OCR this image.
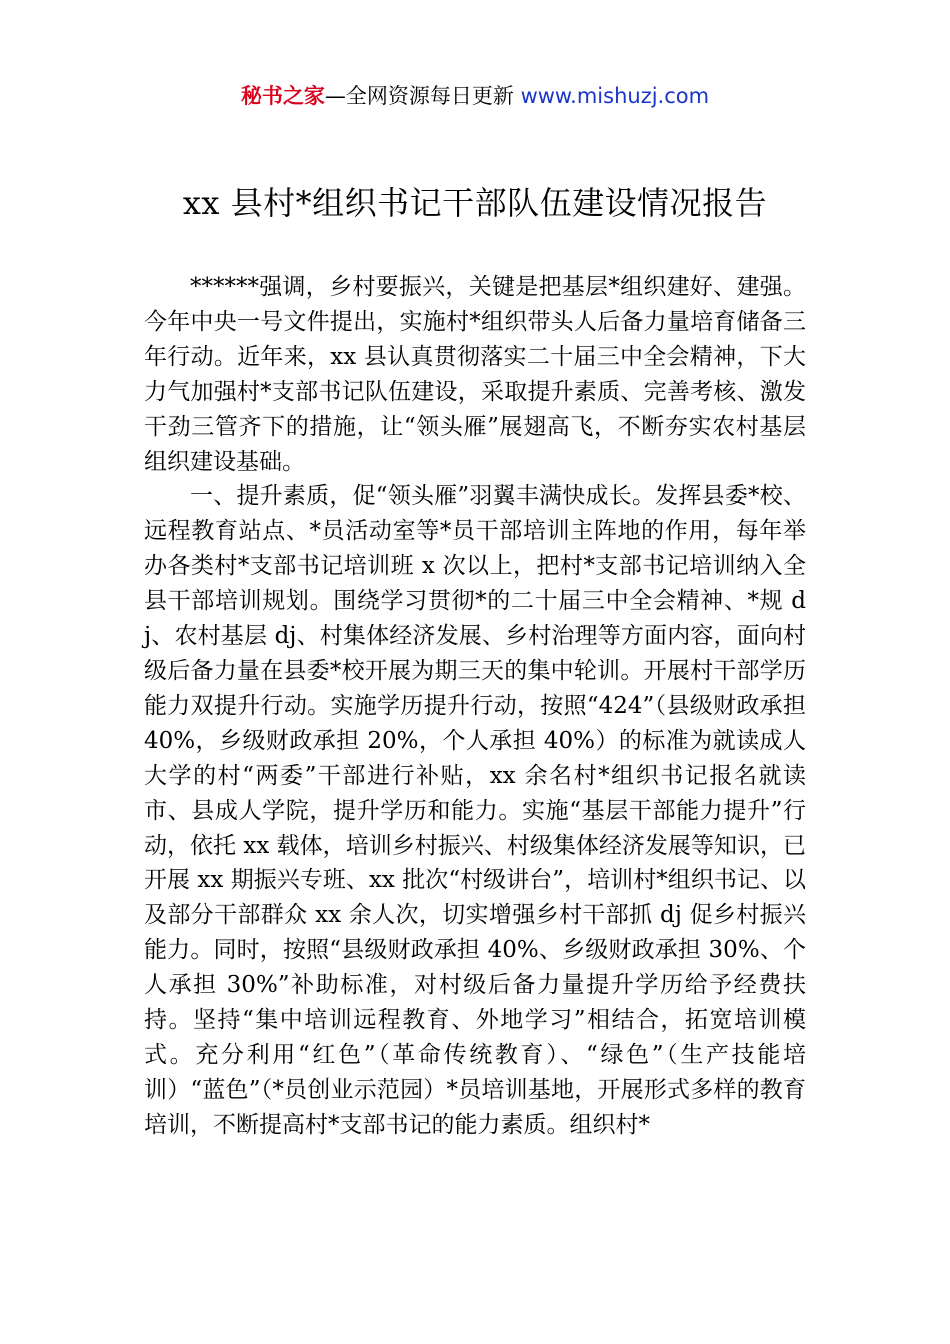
秘书之家—全网资源每日更新 www.mishuzj.com
xx 县村*组织书记干部队伍建设情况报告

******强调，乡村要振兴，关键是把基层*组织建好、建强。今年中央一号文件提出，实施村*组织带头人后备力量培育储备三年行动。近年来，xx 县认真贯彻落实二十届三中全会精神，下大力气加强村*支部书记队伍建设，采取提升素质、完善考核、激发干劲三管齐下的措施，让“领头雁”展翅高飞，不断夯实农村基层组织建设基础。

一、提升素质，促“领头雁”羽翼丰满快成长。发挥县委*校、远程教育站点、*员活动室等*员干部培训主阵地的作用，每年举办各类村*支部书记培训班 x 次以上，把村*支部书记培训纳入全县干部培训规划。围绕学习贯彻*的二十届三中全会精神、*规 dj、农村基层 dj、村集体经济发展、乡村治理等方面内容，面向村级后备力量在县委*校开展为期三天的集中轮训。开展村干部学历能力双提升行动。实施学历提升行动，按照“424”（县级财政承担 40%，乡级财政承担 20%，个人承担 40%）的标准为就读成人大学的村“两委”干部进行补贴，xx 余名村*组织书记报名就读市、县成人学院，提升学历和能力。实施“基层干部能力提升”行动，依托 xx 载体，培训乡村振兴、村级集体经济发展等知识，已开展 xx 期振兴专班、xx 批次“村级讲台”，培训村*组织书记、以及部分干部群众 xx 余人次，切实增强乡村干部抓 dj 促乡村振兴能力。同时，按照“县级财政承担 40%、乡级财政承担 30%、个人承担 30%”补助标准，对村级后备力量提升学历给予经费扶持。坚持“集中培训远程教育、外地学习”相结合，拓宽培训模式。充分利用“红色”（革命传统教育）、“绿色”（生产技能培训）“蓝色”（*员创业示范园）*员培训基地，开展形式多样的教育培训，不断提高村*支部书记的能力素质。组织村*
